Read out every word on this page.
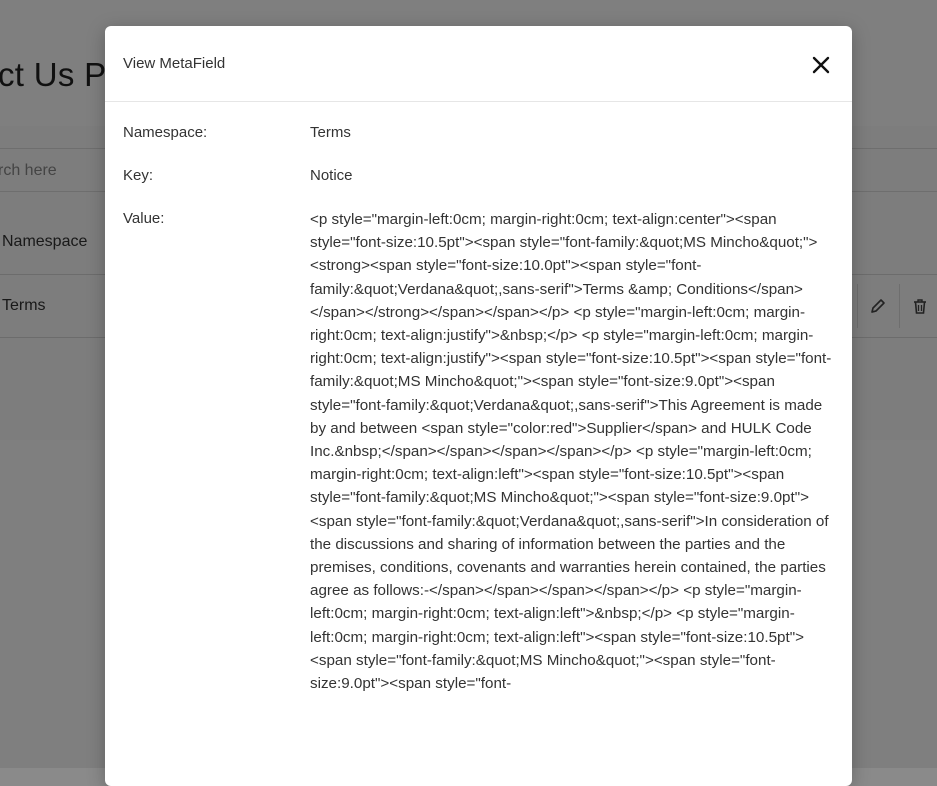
View MetaField
Namespace:	Terms
Key:	Notice
Value:	<p style="margin-left:0cm; margin-right:0cm; text-align:center"><span style="font-size:10.5pt"><span style="font-family:&quot;MS Mincho&quot;"><strong><span style="font-size:10.0pt"><span style="font-family:&quot;Verdana&quot;,sans-serif">Terms &amp; Conditions</span></span></strong></span></span></p> <p style="margin-left:0cm; margin-right:0cm; text-align:justify">&nbsp;</p> <p style="margin-left:0cm; margin-right:0cm; text-align:justify"><span style="font-size:10.5pt"><span style="font-family:&quot;MS Mincho&quot;"><span style="font-size:9.0pt"><span style="font-family:&quot;Verdana&quot;,sans-serif">This Agreement is made by and between <span style="color:red">Supplier</span> and HULK Code Inc.&nbsp;</span></span></span></span></p> <p style="margin-left:0cm; margin-right:0cm; text-align:left"><span style="font-size:10.5pt"><span style="font-family:&quot;MS Mincho&quot;"><span style="font-size:9.0pt"><span style="font-family:&quot;Verdana&quot;,sans-serif">In consideration of the discussions and sharing of information between the parties and the premises, conditions, covenants and warranties herein contained, the parties agree as follows:-</span></span></span></span></p> <p style="margin-left:0cm; margin-right:0cm; text-align:left">&nbsp;</p> <p style="margin-left:0cm; margin-right:0cm; text-align:left"><span style="font-size:10.5pt"><span style="font-family:&quot;MS Mincho&quot;"><span style="font-size:9.0pt"><span style="font-
